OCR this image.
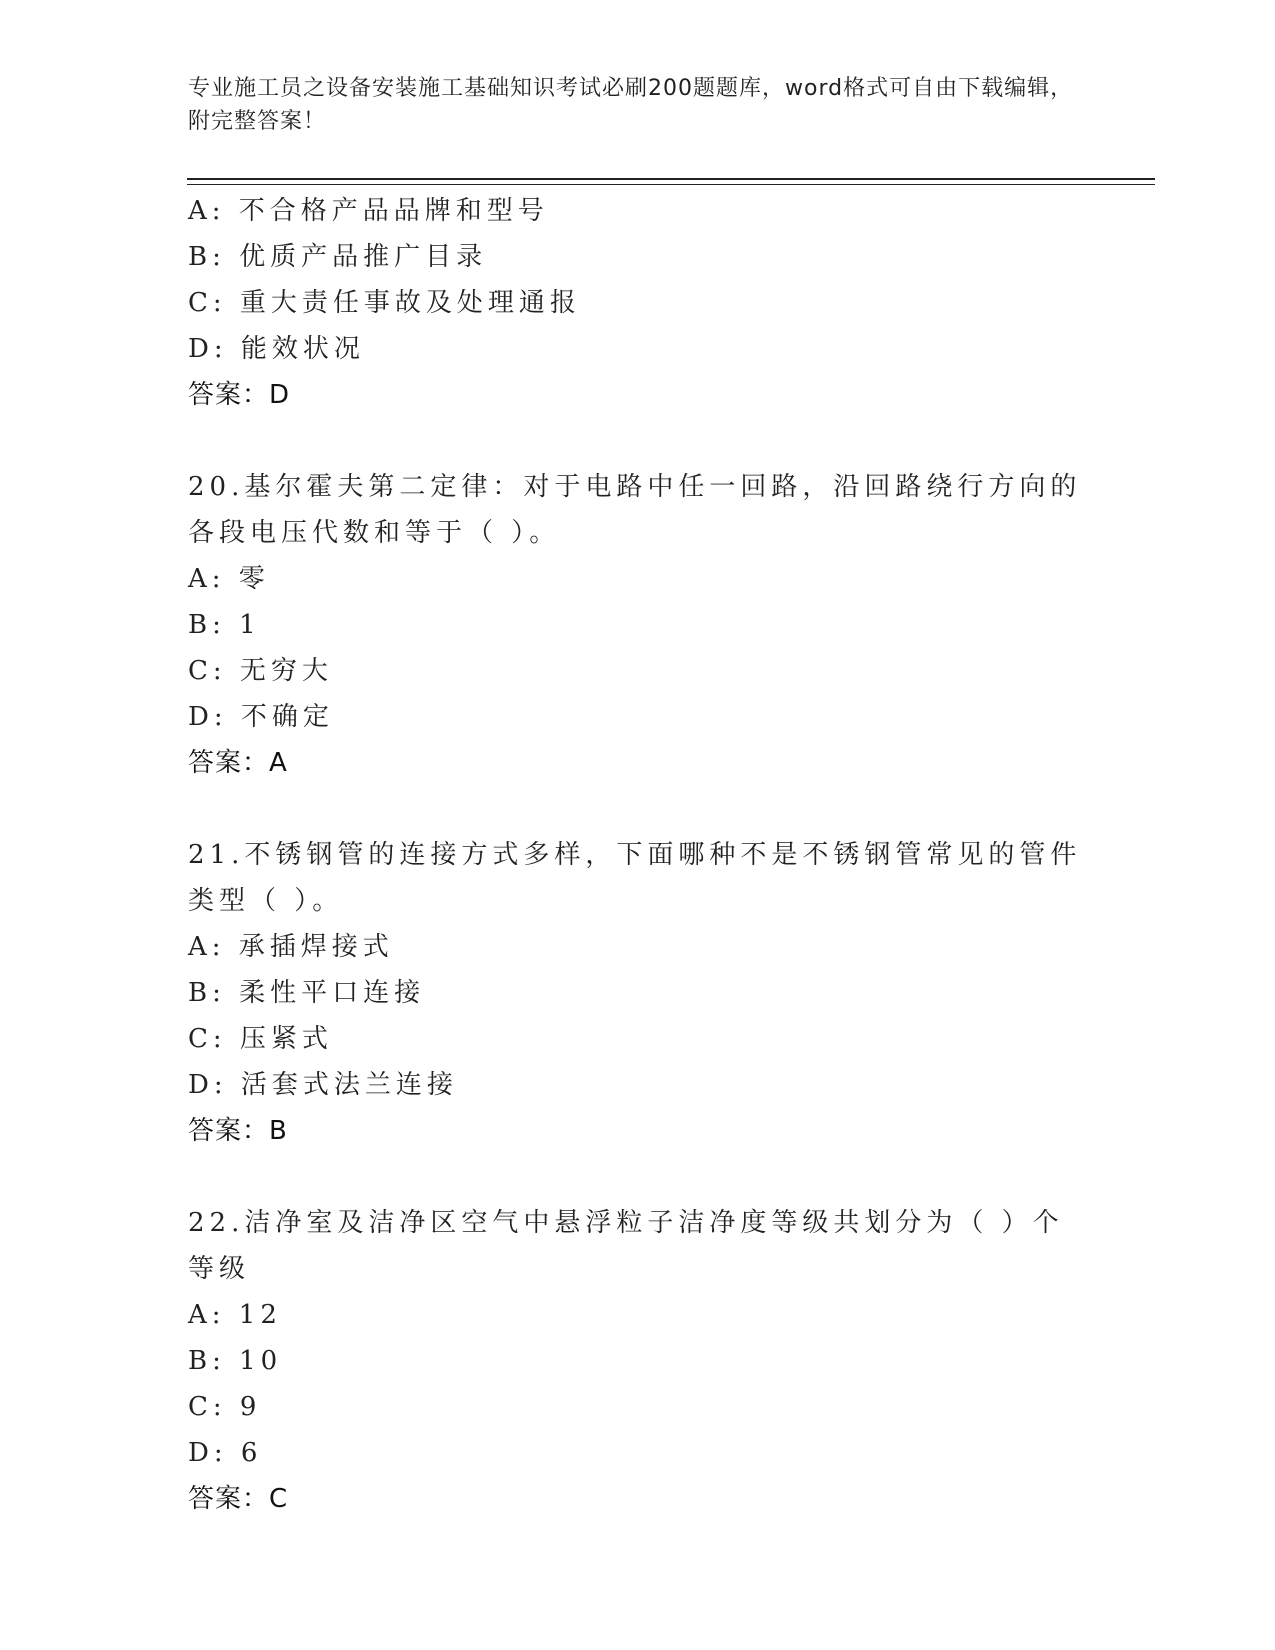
专业施工员之设备安装施工基础知识考试必刷200题题库，word格式可自由下载编辑，附完整答案！
A: 不合格产品品牌和型号
B: 优质产品推广目录
C: 重大责任事故及处理通报
D: 能效状况
答案：D
20.基尔霍夫第二定律：对于电路中任一回路，沿回路绕行方向的各段电压代数和等于（ ）。
A: 零
B: 1
C: 无穷大
D: 不确定
答案：A
21.不锈钢管的连接方式多样，下面哪种不是不锈钢管常见的管件类型（ ）。
A: 承插焊接式
B: 柔性平口连接
C: 压紧式
D: 活套式法兰连接
答案：B
22.洁净室及洁净区空气中悬浮粒子洁净度等级共划分为（ ）个等级
A: 12
B: 10
C: 9
D: 6
答案：C
